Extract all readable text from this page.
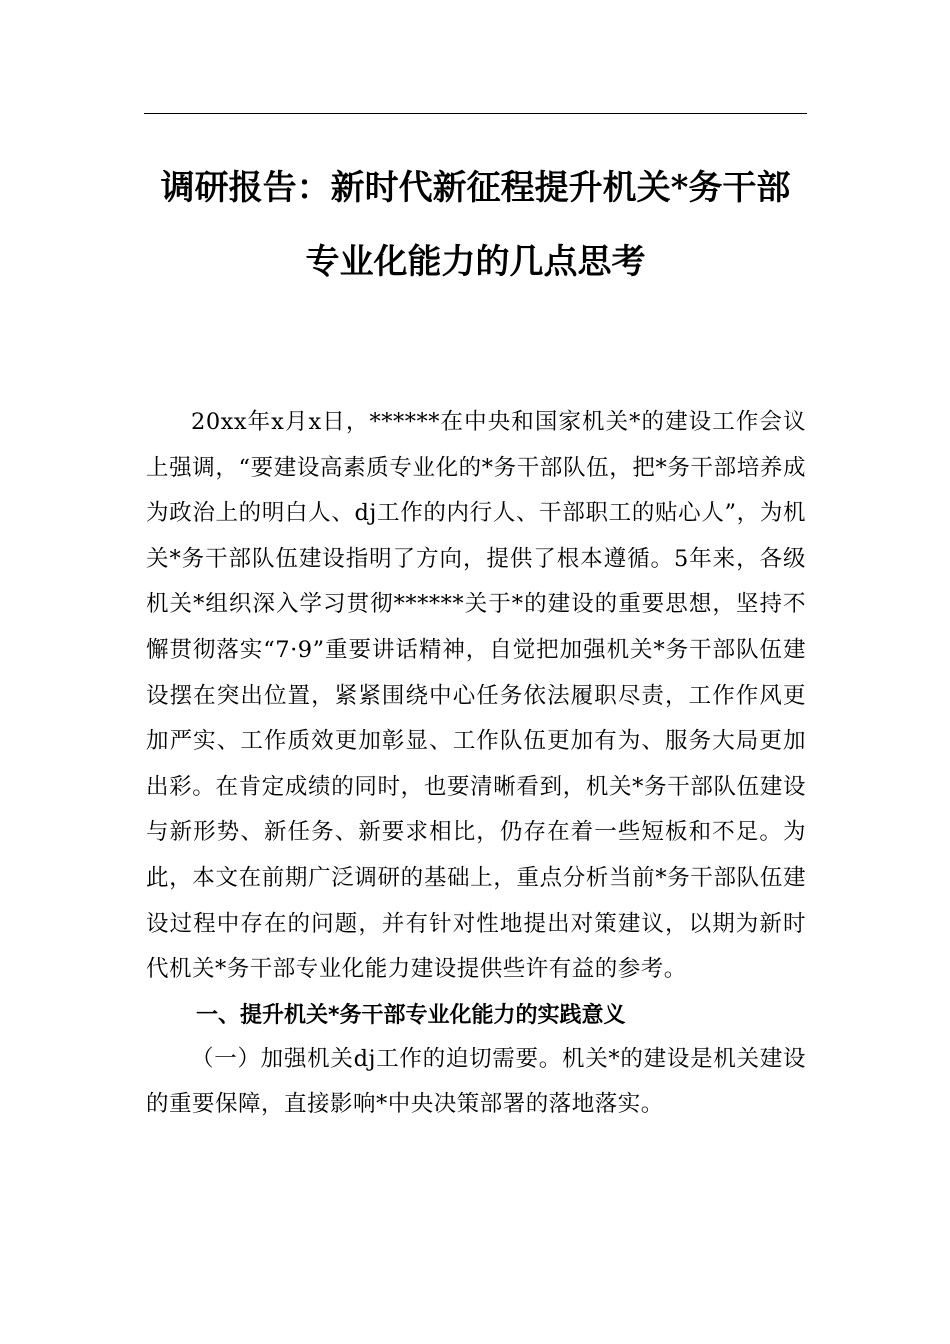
调研报告：新时代新征程提升机关*务干部
专业化能力的几点思考

20xx年x月x日，******在中央和国家机关*的建设工作会议上强调，“要建设高素质专业化的*务干部队伍，把*务干部培养成为政治上的明白人、dj工作的内行人、干部职工的贴心人”，为机关*务干部队伍建设指明了方向，提供了根本遵循。5年来，各级机关*组织深入学习贯彻******关于*的建设的重要思想，坚持不懈贯彻落实“7·9”重要讲话精神，自觉把加强机关*务干部队伍建设摆在突出位置，紧紧围绕中心任务依法履职尽责，工作作风更加严实、工作质效更加彰显、工作队伍更加有为、服务大局更加出彩。在肯定成绩的同时，也要清晰看到，机关*务干部队伍建设与新形势、新任务、新要求相比，仍存在着一些短板和不足。为此，本文在前期广泛调研的基础上，重点分析当前*务干部队伍建设过程中存在的问题，并有针对性地提出对策建议，以期为新时代机关*务干部专业化能力建设提供些许有益的参考。

一、提升机关*务干部专业化能力的实践意义

（一）加强机关dj工作的迫切需要。机关*的建设是机关建设的重要保障，直接影响*中央决策部署的落地落实。
